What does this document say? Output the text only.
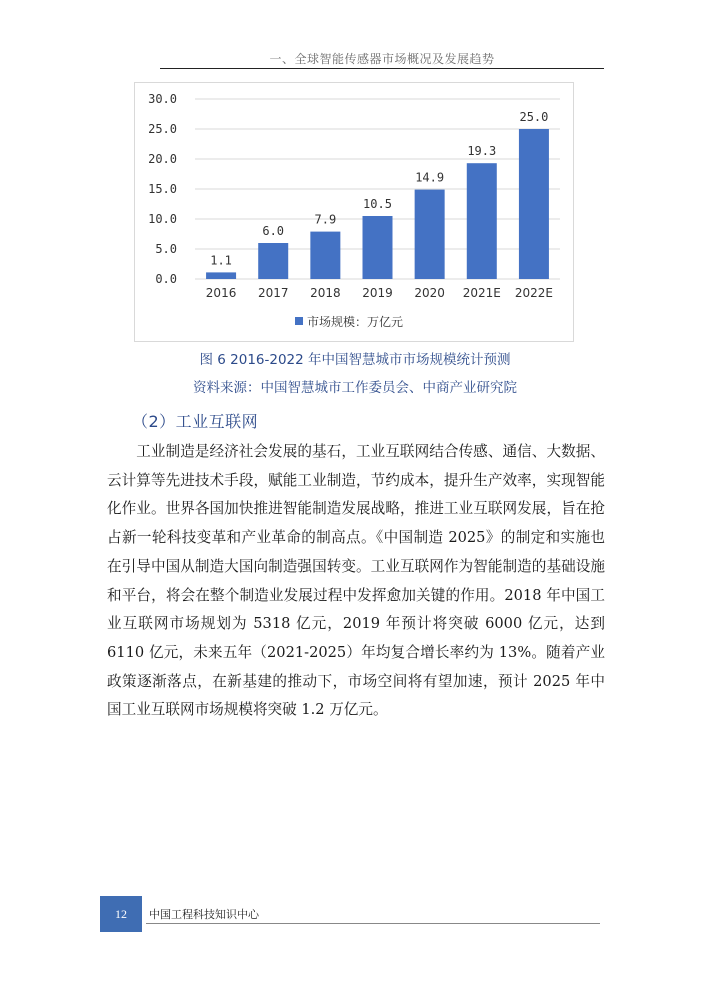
一、全球智能传感器市场概况及发展趋势
0.0
5.0
10.0
15.0
20.0
25.0
30.0
1.1
2016
6.0
2017
7.9
2018
10.5
2019
14.9
2020
19.3
2021E
25.0
2022E
市场规模：万亿元
图 6 2016-2022 年中国智慧城市市场规模统计预测
资料来源：中国智慧城市工作委员会、中商产业研究院
（2）工业互联网

工业制造是经济社会发展的基石，工业互联网结合传感、通信、大数据、云计算等先进技术手段，赋能工业制造，节约成本，提升生产效率，实现智能化作业。世界各国加快推进智能制造发展战略，推进工业互联网发展，旨在抢占新一轮科技变革和产业革命的制高点。《中国制造 2025》的制定和实施也在引导中国从制造大国向制造强国转变。工业互联网作为智能制造的基础设施和平台，将会在整个制造业发展过程中发挥愈加关键的作用。2018 年中国工业互联网市场规划为 5318 亿元，2019 年预计将突破 6000 亿元，达到 6110 亿元，未来五年（2021-2025）年均复合增长率约为 13%。随着产业政策逐渐落点，在新基建的推动下，市场空间将有望加速，预计 2025 年中国工业互联网市场规模将突破 1.2 万亿元。

12	中国工程科技知识中心
